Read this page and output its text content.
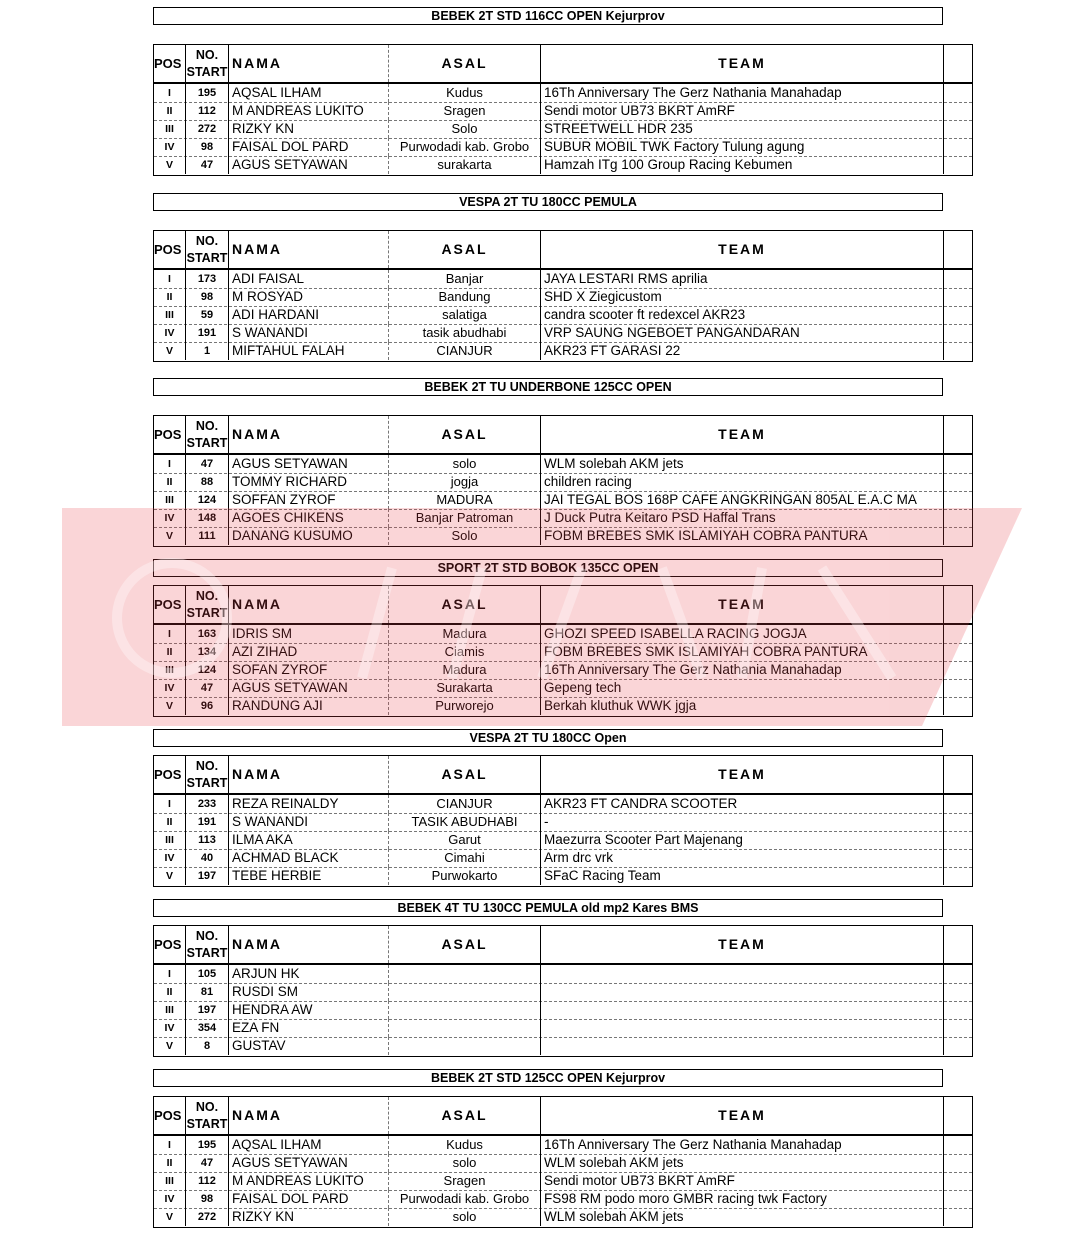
BEBEK 2T STD 116CC OPEN Kejurprov
POS
NO.
START
NAMA	ASAL	TEAM
I	195	AQSAL ILHAM	Kudus	16Th Anniversary The Gerz Nathania Manahadap
II	112	M ANDREAS LUKITO	Sragen	Sendi motor UB73 BKRT AmRF
III	272	RIZKY KN	Solo	STREETWELL HDR 235
IV	98	FAISAL DOL PARD	Purwodadi kab. Grobo	SUBUR MOBIL TWK Factory Tulung agung
V	47	AGUS SETYAWAN	surakarta	Hamzah ITg 100 Group Racing Kebumen
VESPA 2T TU 180CC PEMULA
POS
NO.
START
NAMA	ASAL	TEAM
I	173	ADI FAISAL	Banjar	JAYA LESTARI RMS aprilia
II	98	M ROSYAD	Bandung	SHD X Ziegicustom
III	59	ADI HARDANI	salatiga	candra scooter ft redexcel AKR23
IV	191	S WANANDI	tasik abudhabi	VRP SAUNG NGEBOET PANGANDARAN
V	1	MIFTAHUL FALAH	CIANJUR	AKR23 FT GARASI 22
BEBEK 2T TU UNDERBONE 125CC OPEN
POS
NO.
START
NAMA	ASAL	TEAM
I	47	AGUS SETYAWAN	solo	WLM solebah AKM jets
II	88	TOMMY RICHARD	jogja	children racing
III	124	SOFFAN ZYROF	MADURA	JAI TEGAL BOS 168P CAFE ANGKRINGAN 805AL E.A.C MA
IV	148	AGOES CHIKENS	Banjar Patroman	J Duck Putra Keitaro PSD Haffal Trans
V	111	DANANG KUSUMO	Solo	FOBM BREBES SMK ISLAMIYAH COBRA PANTURA
SPORT 2T STD BOBOK 135CC OPEN
POS
NO.
START
NAMA	ASAL	TEAM
I	163	IDRIS SM	Madura	GHOZI SPEED ISABELLA RACING JOGJA
II	134	AZI ZIHAD	Ciamis	FOBM BREBES SMK ISLAMIYAH COBRA PANTURA
III	124	SOFAN ZYROF	Madura	16Th Anniversary The Gerz Nathania Manahadap
IV	47	AGUS SETYAWAN	Surakarta	Gepeng tech
V	96	RANDUNG AJI	Purworejo	Berkah kluthuk WWK jgja
VESPA 2T TU 180CC Open
POS
NO.
START
NAMA	ASAL	TEAM
I	233	REZA REINALDY	CIANJUR	AKR23 FT CANDRA SCOOTER
II	191	S WANANDI	TASIK ABUDHABI	-
III	113	ILMA AKA	Garut	Maezurra Scooter Part Majenang
IV	40	ACHMAD BLACK	Cimahi	Arm drc vrk
V	197	TEBE HERBIE	Purwokarto	SFaC Racing Team
BEBEK 4T TU 130CC PEMULA old mp2 Kares BMS
POS
NO.
START
NAMA	ASAL	TEAM
I	105	ARJUN HK
II	81	RUSDI SM
III	197	HENDRA AW
IV	354	EZA FN
V	8	GUSTAV
BEBEK 2T STD 125CC OPEN Kejurprov
POS
NO.
START
NAMA	ASAL	TEAM
I	195	AQSAL ILHAM	Kudus	16Th Anniversary The Gerz Nathania Manahadap
II	47	AGUS SETYAWAN	solo	WLM solebah AKM jets
III	112	M ANDREAS LUKITO	Sragen	Sendi motor UB73 BKRT AmRF
IV	98	FAISAL DOL PARD	Purwodadi kab. Grobo	FS98 RM podo moro GMBR racing twk Factory
V	272	RIZKY KN	solo	WLM solebah AKM jets
